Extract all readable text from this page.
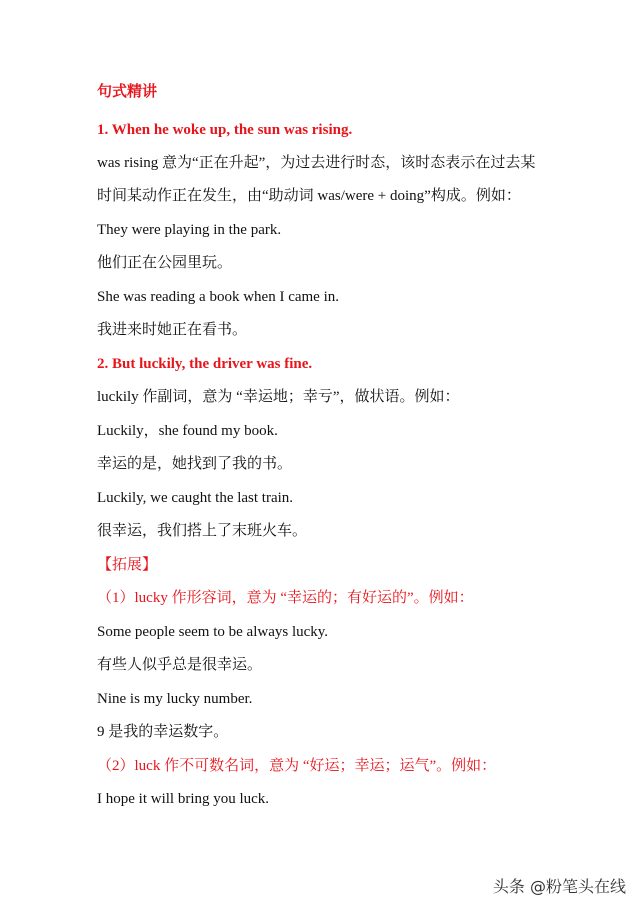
句式精讲
1. When he woke up, the sun was rising.
was rising 意为“正在升起”，为过去进行时态，该时态表示在过去某
时间某动作正在发生，由“助动词 was/were + doing”构成。例如：
They were playing in the park.
他们正在公园里玩。
She was reading a book when I came in.
我进来时她正在看书。
2. But luckily, the driver was fine.
luckily 作副词，意为 “幸运地；幸亏”，做状语。例如：
Luckily，she found my book.
幸运的是，她找到了我的书。
Luckily, we caught the last train.
很幸运，我们搭上了末班火车。
【拓展】
（1）lucky 作形容词，意为 “幸运的；有好运的”。例如：
Some people seem to be always lucky.
有些人似乎总是很幸运。
Nine is my lucky number.
9 是我的幸运数字。
（2）luck 作不可数名词，意为 “好运；幸运；运气”。例如：
I hope it will bring you luck.
头条 @粉笔头在线
